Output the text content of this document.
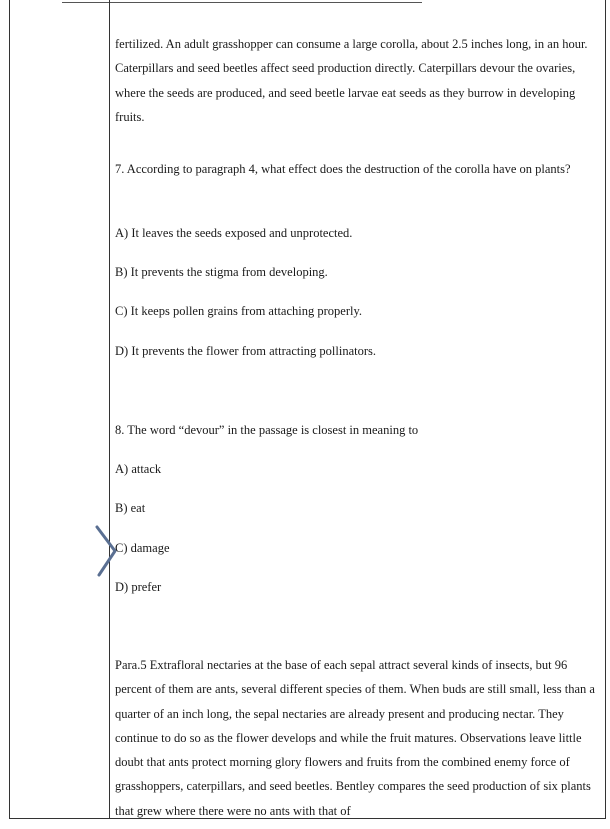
fertilized. An adult grasshopper can consume a large corolla, about 2.5 inches long, in an hour. Caterpillars and seed beetles affect seed production directly. Caterpillars devour the ovaries, where the seeds are produced, and seed beetle larvae eat seeds as they burrow in developing fruits.

7. According to paragraph 4, what effect does the destruction of the corolla have on plants?

A) It leaves the seeds exposed and unprotected.

B) It prevents the stigma from developing.

C) It keeps pollen grains from attaching properly.

D) It prevents the flower from attracting pollinators.

8. The word “devour” in the passage is closest in meaning to

A) attack

B) eat

C) damage

D) prefer

Para.5 Extrafloral nectaries at the base of each sepal attract several kinds of insects, but 96 percent of them are ants, several different species of them. When buds are still small, less than a quarter of an inch long, the sepal nectaries are already present and producing nectar. They continue to do so as the flower develops and while the fruit matures. Observations leave little doubt that ants protect morning glory flowers and fruits from the combined enemy force of grasshoppers, caterpillars, and seed beetles. Bentley compares the seed production of six plants that grew where there were no ants with that of
